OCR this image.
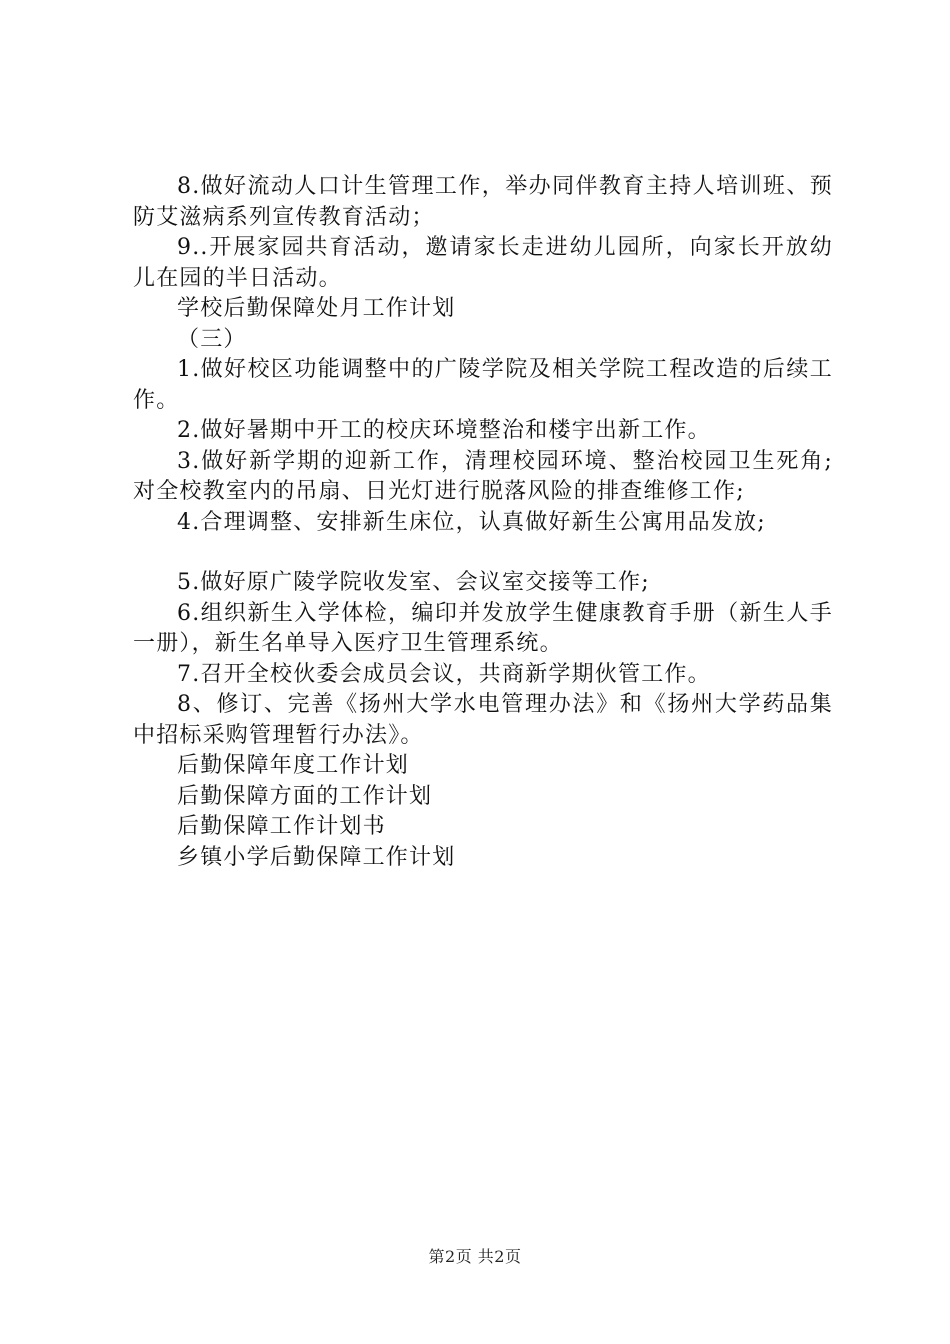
8.做好流动人口计生管理工作，举办同伴教育主持人培训班、预防艾滋病系列宣传教育活动；

9..开展家园共育活动，邀请家长走进幼儿园所，向家长开放幼儿在园的半日活动。

学校后勤保障处月工作计划

（三）

1.做好校区功能调整中的广陵学院及相关学院工程改造的后续工作。

2.做好暑期中开工的校庆环境整治和楼宇出新工作。

3.做好新学期的迎新工作，清理校园环境、整治校园卫生死角;对全校教室内的吊扇、日光灯进行脱落风险的排查维修工作;

4.合理调整、安排新生床位，认真做好新生公寓用品发放;

5.做好原广陵学院收发室、会议室交接等工作;

6.组织新生入学体检，编印并发放学生健康教育手册（新生人手一册），新生名单导入医疗卫生管理系统。

7.召开全校伙委会成员会议，共商新学期伙管工作。

8、修订、完善《扬州大学水电管理办法》和《扬州大学药品集中招标采购管理暂行办法》。

后勤保障年度工作计划

后勤保障方面的工作计划

后勤保障工作计划书

乡镇小学后勤保障工作计划

第2页 共2页
